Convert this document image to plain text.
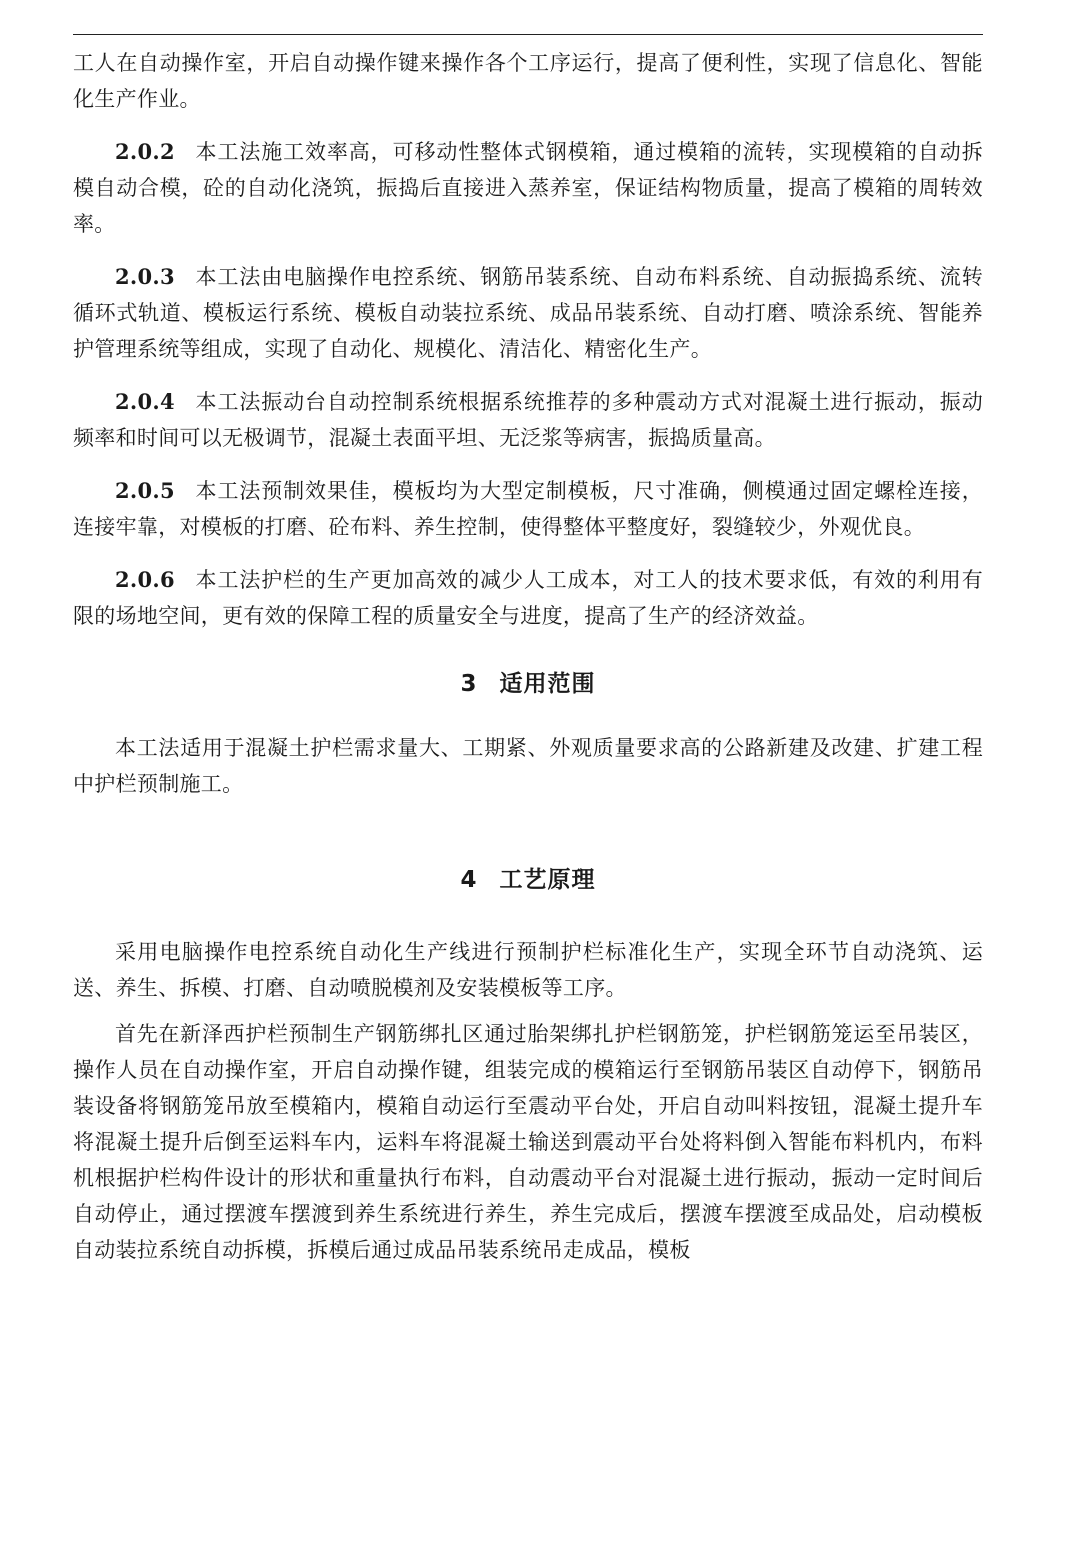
工人在自动操作室，开启自动操作键来操作各个工序运行，提高了便利性，实现了信息化、智能化生产作业。

2.0.2 本工法施工效率高，可移动性整体式钢模箱，通过模箱的流转，实现模箱的自动拆模自动合模，砼的自动化浇筑，振捣后直接进入蒸养室，保证结构物质量，提高了模箱的周转效率。

2.0.3 本工法由电脑操作电控系统、钢筋吊装系统、自动布料系统、自动振捣系统、流转循环式轨道、模板运行系统、模板自动装拉系统、成品吊装系统、自动打磨、喷涂系统、智能养护管理系统等组成，实现了自动化、规模化、清洁化、精密化生产。

2.0.4 本工法振动台自动控制系统根据系统推荐的多种震动方式对混凝土进行振动，振动频率和时间可以无极调节，混凝土表面平坦、无泛浆等病害，振捣质量高。

2.0.5 本工法预制效果佳，模板均为大型定制模板，尺寸准确，侧模通过固定螺栓连接，连接牢靠，对模板的打磨、砼布料、养生控制，使得整体平整度好，裂缝较少，外观优良。

2.0.6 本工法护栏的生产更加高效的减少人工成本，对工人的技术要求低，有效的利用有限的场地空间，更有效的保障工程的质量安全与进度，提高了生产的经济效益。

3 适用范围

本工法适用于混凝土护栏需求量大、工期紧、外观质量要求高的公路新建及改建、扩建工程中护栏预制施工。

4 工艺原理

采用电脑操作电控系统自动化生产线进行预制护栏标准化生产，实现全环节自动浇筑、运送、养生、拆模、打磨、自动喷脱模剂及安装模板等工序。

首先在新泽西护栏预制生产钢筋绑扎区通过胎架绑扎护栏钢筋笼，护栏钢筋笼运至吊装区，操作人员在自动操作室，开启自动操作键，组装完成的模箱运行至钢筋吊装区自动停下，钢筋吊装设备将钢筋笼吊放至模箱内，模箱自动运行至震动平台处，开启自动叫料按钮，混凝土提升车将混凝土提升后倒至运料车内，运料车将混凝土输送到震动平台处将料倒入智能布料机内，布料机根据护栏构件设计的形状和重量执行布料，自动震动平台对混凝土进行振动，振动一定时间后自动停止，通过摆渡车摆渡到养生系统进行养生，养生完成后，摆渡车摆渡至成品处，启动模板自动装拉系统自动拆模，拆模后通过成品吊装系统吊走成品，模板
